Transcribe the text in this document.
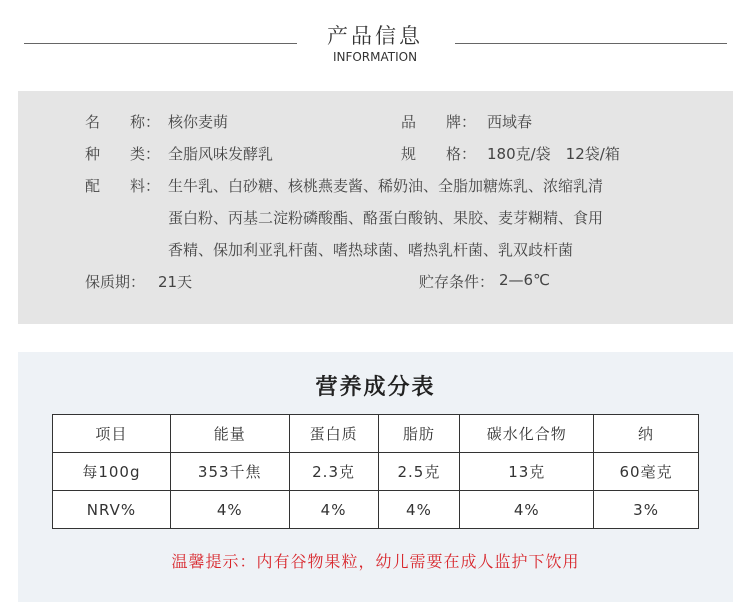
产品信息
INFORMATION
名　　称： 核你麦萌	品　　牌： 西域春
种　　类： 全脂风味发酵乳	规　　格： 180克/袋　12袋/箱
配　　料： 生牛乳、白砂糖、核桃燕麦酱、稀奶油、全脂加糖炼乳、浓缩乳清
蛋白粉、丙基二淀粉磷酸酯、酪蛋白酸钠、果胶、麦芽糊精、食用
香精、保加利亚乳杆菌、嗜热球菌、嗜热乳杆菌、乳双歧杆菌
保质期： 21天	贮存条件： 2—6℃
营养成分表
项目	能量	蛋白质	脂肪	碳水化合物	纳
每100g	353千焦	2.3克	2.5克	13克	60毫克
NRV%	4%	4%	4%	4%	3%
温馨提示：内有谷物果粒，幼儿需要在成人监护下饮用
